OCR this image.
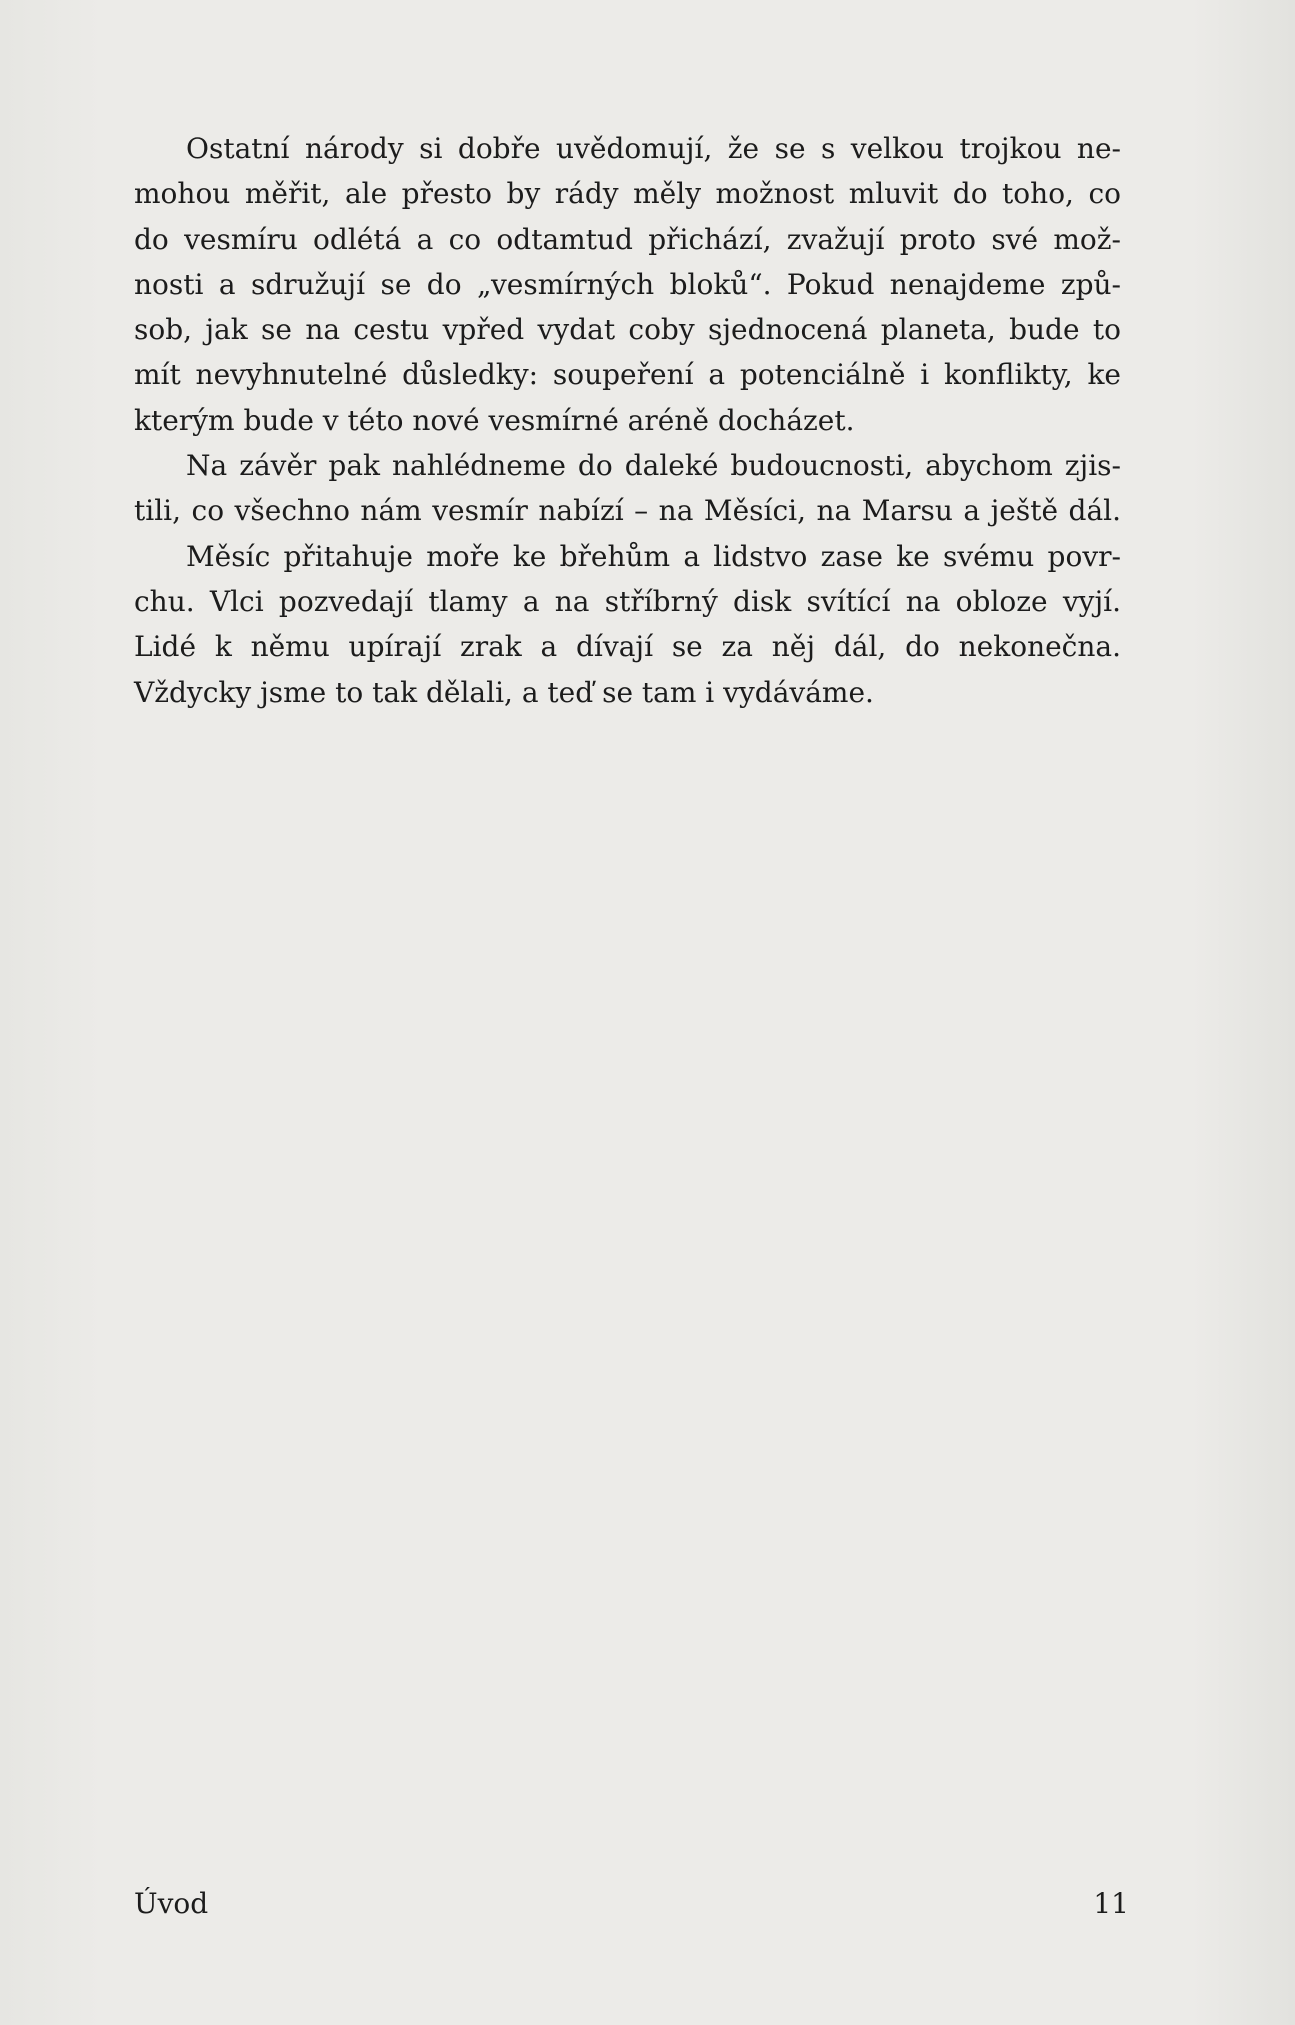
Ostatní národy si dobře uvědomují, že se s velkou trojkou ne-
mohou měřit, ale přesto by rády měly možnost mluvit do toho, co
do vesmíru odlétá a co odtamtud přichází, zvažují proto své mož-
nosti a sdružují se do „vesmírných bloků“. Pokud nenajdeme způ-
sob, jak se na cestu vpřed vydat coby sjednocená planeta, bude to
mít nevyhnutelné důsledky: soupeření a potenciálně i konflikty, ke
kterým bude v této nové vesmírné aréně docházet.
Na závěr pak nahlédneme do daleké budoucnosti, abychom zjis-
tili, co všechno nám vesmír nabízí – na Měsíci, na Marsu a ještě dál.
Měsíc přitahuje moře ke břehům a lidstvo zase ke svému povr-
chu. Vlci pozvedají tlamy a na stříbrný disk svítící na obloze vyjí.
Lidé k němu upírají zrak a dívají se za něj dál, do nekonečna.
Vždycky jsme to tak dělali, a teď se tam i vydáváme.
Úvod	11
